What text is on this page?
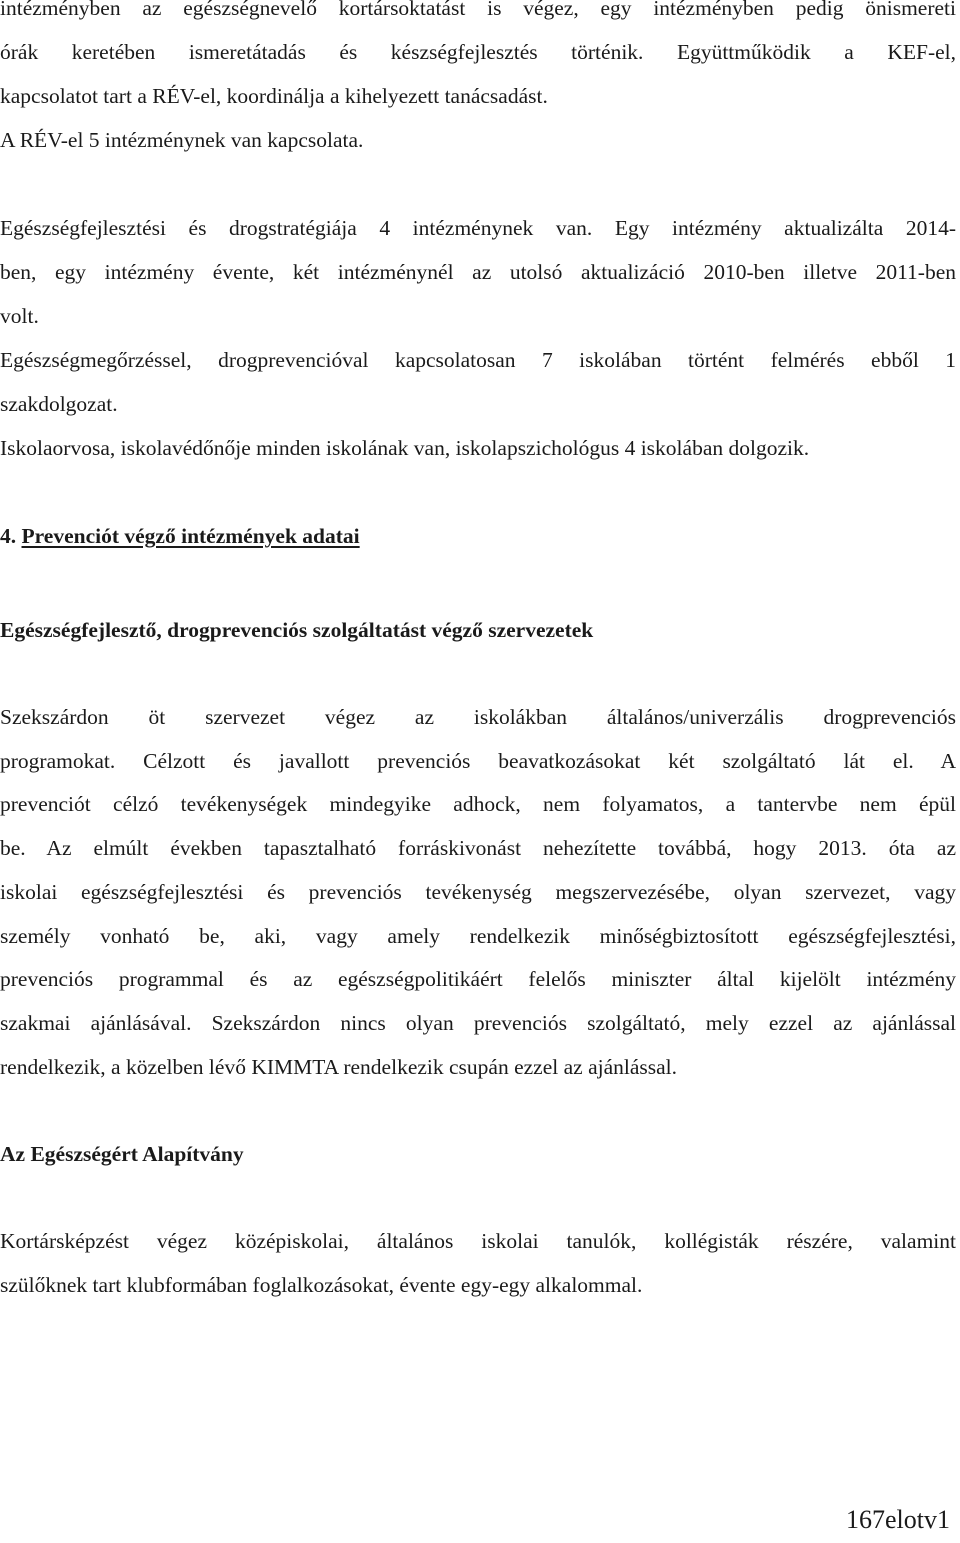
intézményben az egészségnevelő kortársoktatást is végez, egy intézményben pedig önismereti
órák keretében ismeretátadás és készségfejlesztés történik. Együttműködik a KEF-el,
kapcsolatot tart a RÉV-el, koordinálja a kihelyezett tanácsadást.
A RÉV-el 5 intézménynek van kapcsolata.
Egészségfejlesztési és drogstratégiája 4 intézménynek van. Egy intézmény aktualizálta 2014-
ben, egy intézmény évente, két intézménynél az utolsó aktualizáció 2010-ben illetve 2011-ben
volt.
Egészségmegőrzéssel, drogprevencióval kapcsolatosan 7 iskolában történt felmérés ebből 1
szakdolgozat.
Iskolaorvosa, iskolavédőnője minden iskolának van, iskolapszichológus 4 iskolában dolgozik.
4. Prevenciót végző intézmények adatai
Egészségfejlesztő, drogprevenciós szolgáltatást végző szervezetek
Szekszárdon öt szervezet végez az iskolákban általános/univerzális drogprevenciós
programokat. Célzott és javallott prevenciós beavatkozásokat két szolgáltató lát el. A
prevenciót célzó tevékenységek mindegyike adhock, nem folyamatos, a tantervbe nem épül
be. Az elmúlt években tapasztalható forráskivonást nehezítette továbbá, hogy 2013. óta az
iskolai egészségfejlesztési és prevenciós tevékenység megszervezésébe, olyan szervezet, vagy
személy vonható be, aki, vagy amely rendelkezik minőségbiztosított egészségfejlesztési,
prevenciós programmal és az egészségpolitikáért felelős miniszter által kijelölt intézmény
szakmai ajánlásával. Szekszárdon nincs olyan prevenciós szolgáltató, mely ezzel az ajánlással
rendelkezik, a közelben lévő KIMMTA rendelkezik csupán ezzel az ajánlással.
Az Egészségért Alapítvány
Kortársképzést végez középiskolai, általános iskolai tanulók, kollégisták részére, valamint
szülőknek tart klubformában foglalkozásokat, évente egy-egy alkalommal.
167elotv1
